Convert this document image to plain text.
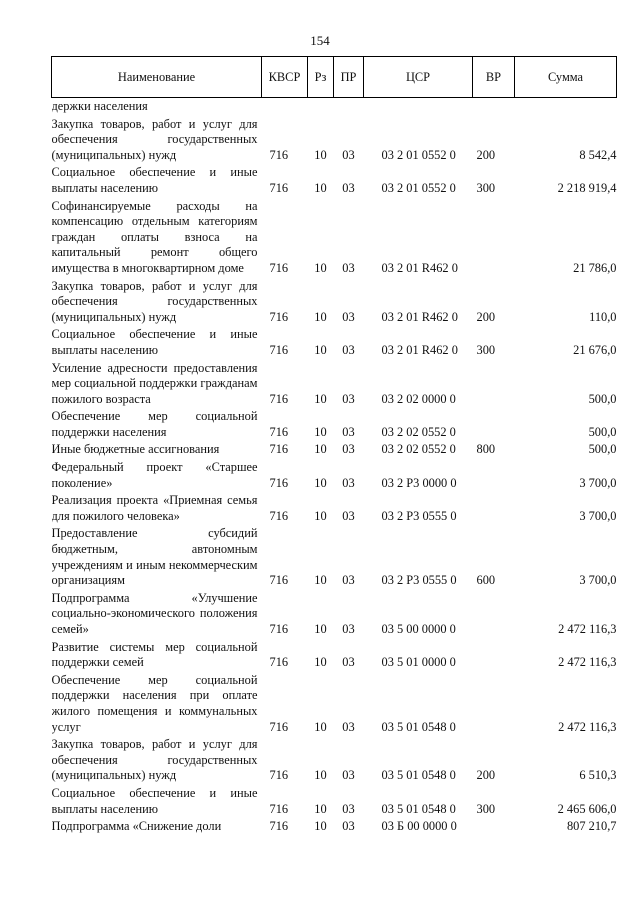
154
Наименование	КВСР	Рз	ПР	ЦСР	ВР	Сумма
держки населения						
Закупка товаров, работ и услуг для обеспечения государственных (муниципальных) нужд	716	10	03	03 2 01 0552 0	200	8 542,4
Социальное обеспечение и иные выплаты населению	716	10	03	03 2 01 0552 0	300	2 218 919,4
Софинансируемые расходы на компенсацию отдельным категориям граждан оплаты взноса на капитальный ремонт общего имущества в многоквартирном доме	716	10	03	03 2 01 R462 0		21 786,0
Закупка товаров, работ и услуг для обеспечения государственных (муниципальных) нужд	716	10	03	03 2 01 R462 0	200	110,0
Социальное обеспечение и иные выплаты населению	716	10	03	03 2 01 R462 0	300	21 676,0
Усиление адресности предоставления мер социальной поддержки гражданам пожилого возраста	716	10	03	03 2 02 0000 0		500,0
Обеспечение мер социальной поддержки населения	716	10	03	03 2 02 0552 0		500,0
Иные бюджетные ассигнования	716	10	03	03 2 02 0552 0	800	500,0
Федеральный проект «Старшее поколение»	716	10	03	03 2 P3 0000 0		3 700,0
Реализация проекта «Приемная семья для пожилого человека»	716	10	03	03 2 P3 0555 0		3 700,0
Предоставление субсидий бюджетным, автономным учреждениям и иным некоммерческим организациям	716	10	03	03 2 P3 0555 0	600	3 700,0
Подпрограмма «Улучшение социально-экономического положения семей»	716	10	03	03 5 00 0000 0		2 472 116,3
Развитие системы мер социальной поддержки семей	716	10	03	03 5 01 0000 0		2 472 116,3
Обеспечение мер социальной поддержки населения при оплате жилого помещения и коммунальных услуг	716	10	03	03 5 01 0548 0		2 472 116,3
Закупка товаров, работ и услуг для обеспечения государственных (муниципальных) нужд	716	10	03	03 5 01 0548 0	200	6 510,3
Социальное обеспечение и иные выплаты населению	716	10	03	03 5 01 0548 0	300	2 465 606,0
Подпрограмма «Снижение доли	716	10	03	03 Б 00 0000 0		807 210,7
